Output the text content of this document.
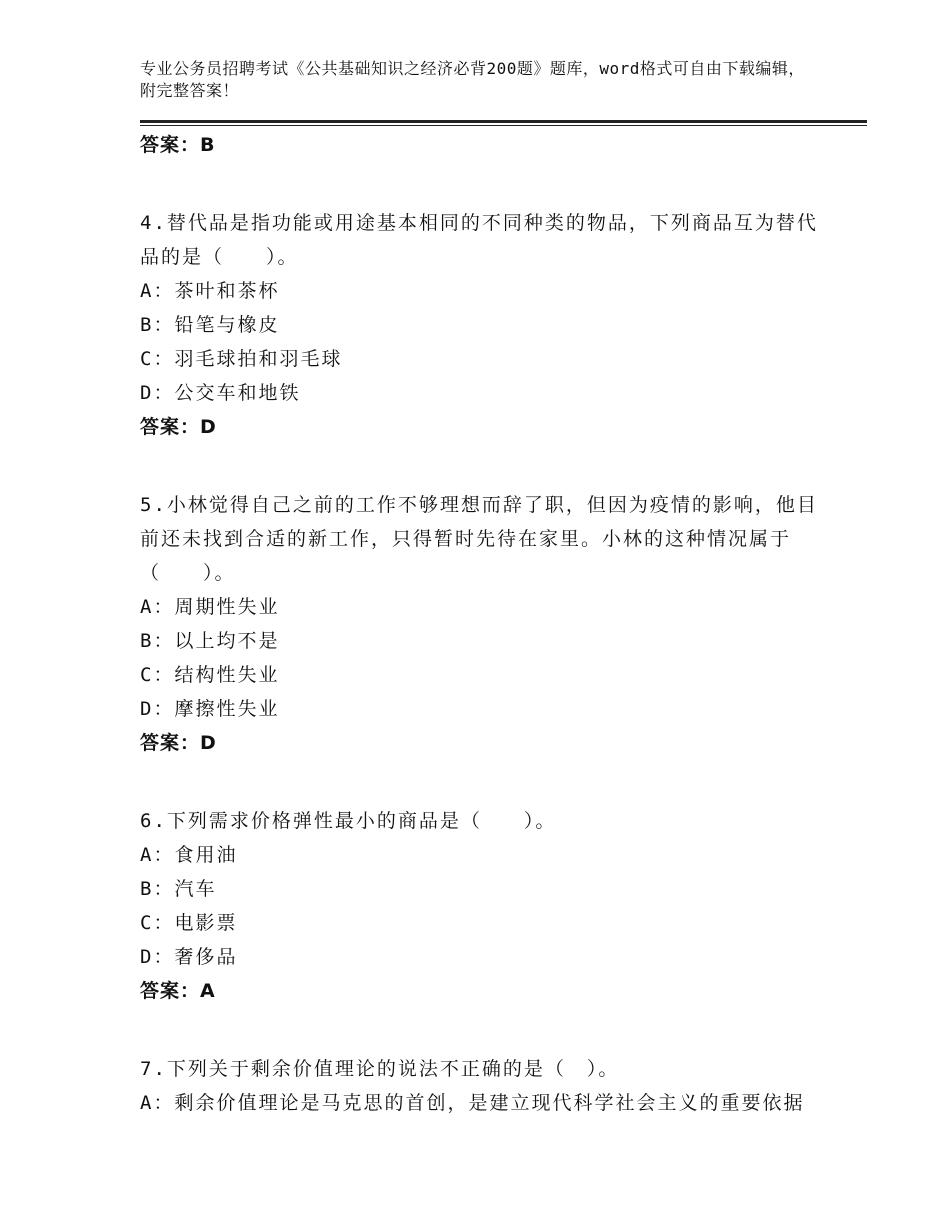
专业公务员招聘考试《公共基础知识之经济必背200题》题库，word格式可自由下载编辑，附完整答案！
答案：B
4.替代品是指功能或用途基本相同的不同种类的物品，下列商品互为替代品的是（　　）。
A：茶叶和茶杯
B：铅笔与橡皮
C：羽毛球拍和羽毛球
D：公交车和地铁
答案：D
5.小林觉得自己之前的工作不够理想而辞了职，但因为疫情的影响，他目前还未找到合适的新工作，只得暂时先待在家里。小林的这种情况属于（　　）。
A：周期性失业
B：以上均不是
C：结构性失业
D：摩擦性失业
答案：D
6.下列需求价格弹性最小的商品是（　　）。
A：食用油
B：汽车
C：电影票
D：奢侈品
答案：A
7.下列关于剩余价值理论的说法不正确的是（　）。
A：剩余价值理论是马克思的首创，是建立现代科学社会主义的重要依据
